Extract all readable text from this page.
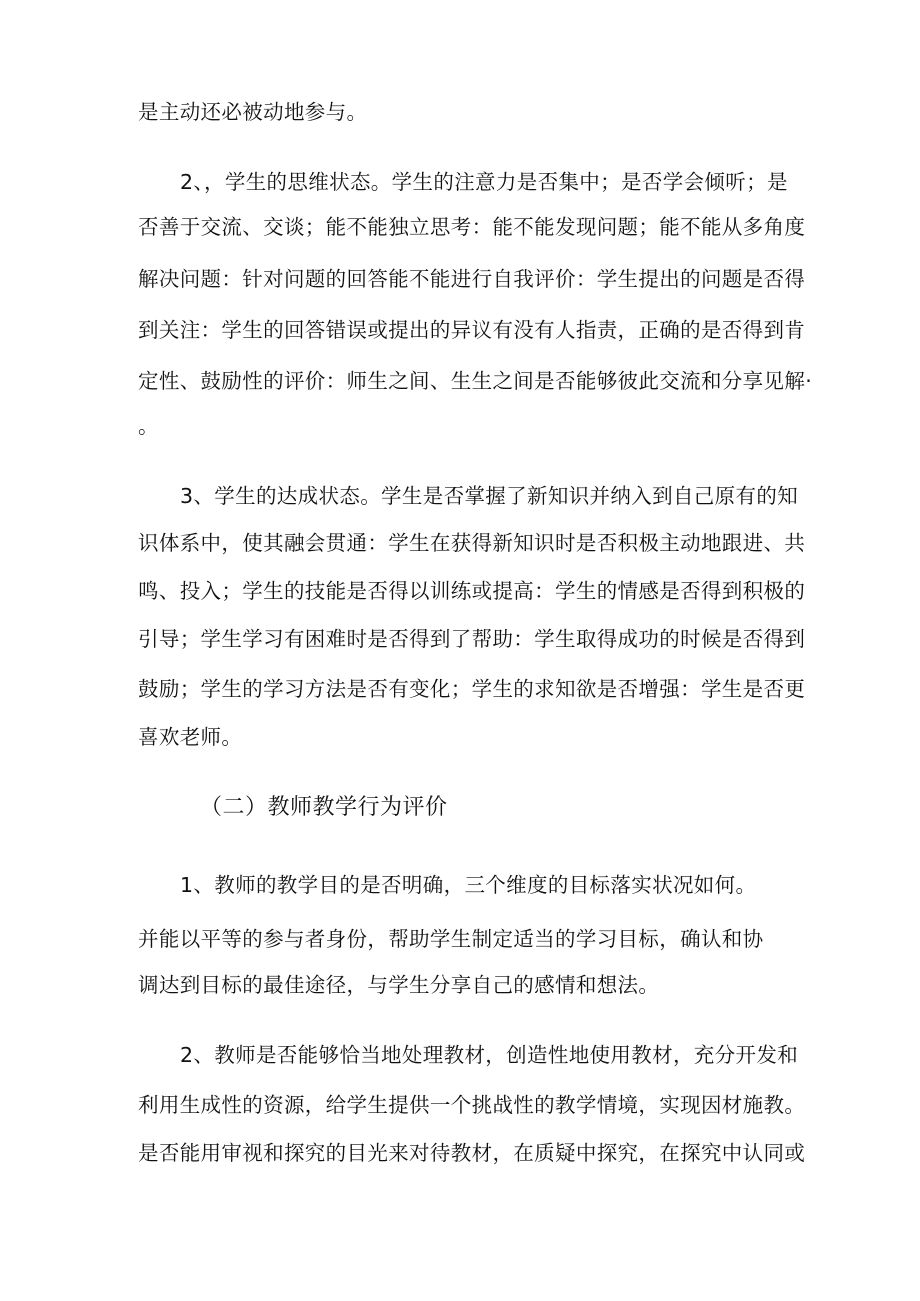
是主动还必被动地参与。
2、，学生的思维状态。学生的注意力是否集中；是否学会倾听；是
否善于交流、交谈；能不能独立思考：能不能发现问题；能不能从多角度
解决问题：针对问题的回答能不能进行自我评价：学生提出的问题是否得
到关注：学生的回答错误或提出的异议有没有人指责，正确的是否得到肯
定性、鼓励性的评价：师生之间、生生之间是否能够彼此交流和分享见解·
。
3、学生的达成状态。学生是否掌握了新知识并纳入到自己原有的知
识体系中，使其融会贯通：学生在获得新知识时是否积极主动地跟进、共
鸣、投入；学生的技能是否得以训练或提高：学生的情感是否得到积极的
引导；学生学习有困难时是否得到了帮助：学生取得成功的时候是否得到
鼓励；学生的学习方法是否有变化；学生的求知欲是否增强：学生是否更
喜欢老师。
（二）教师教学行为评价
1、教师的教学目的是否明确，三个维度的目标落实状况如何。
并能以平等的参与者身份，帮助学生制定适当的学习目标，确认和协
调达到目标的最佳途径，与学生分享自己的感情和想法。
2、教师是否能够恰当地处理教材，创造性地使用教材，充分开发和
利用生成性的资源，给学生提供一个挑战性的教学情境，实现因材施教。
是否能用审视和探究的目光来对待教材，在质疑中探究，在探究中认同或
